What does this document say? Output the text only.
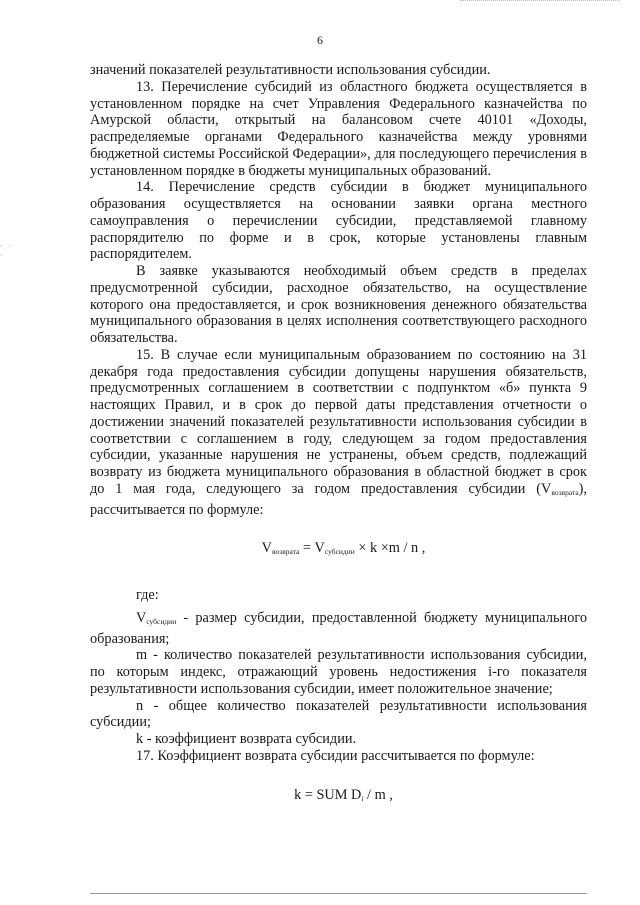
· · ·
6

значений показателей результативности использования субсидии.

13. Перечисление субсидий из областного бюджета осуществляется в установленном порядке на счет Управления Федерального казначейства по Амурской области, открытый на балансовом счете 40101 «Доходы, распределяемые органами Федерального казначейства между уровнями бюджетной системы Российской Федерации», для последующего перечисления в установленном порядке в бюджеты муниципальных образований.

14. Перечисление средств субсидии в бюджет муниципального образования осуществляется на основании заявки органа местного самоуправления о перечислении субсидии, представляемой главному распорядителю по форме и в срок, которые установлены главным распорядителем.

В заявке указываются необходимый объем средств в пределах предусмотренной субсидии, расходное обязательство, на осуществление которого она предоставляется, и срок возникновения денежного обязательства муниципального образования в целях исполнения соответствующего расходного обязательства.

15. В случае если муниципальным образованием по состоянию на 31 декабря года предоставления субсидии допущены нарушения обязательств, предусмотренных соглашением в соответствии с подпунктом «б» пункта 9 настоящих Правил, и в срок до первой даты представления отчетности о достижении значений показателей результативности использования субсидии в соответствии с соглашением в году, следующем за годом предоставления субсидии, указанные нарушения не устранены, объем средств, подлежащий возврату из бюджета муниципального образования в областной бюджет в срок до 1 мая года, следующего за годом предоставления субсидии (Vвозврата), рассчитывается по формуле:

$V_{возврата} = V_{субсидии} \times k \times m / n$ ,

где:

Vсубсидии - размер субсидии, предоставленной бюджету муниципального образования;

m - количество показателей результативности использования субсидии, по которым индекс, отражающий уровень недостижения i-го показателя результативности использования субсидии, имеет положительное значение;

n - общее количество показателей результативности использования субсидии;

k - коэффициент возврата субсидии.

17. Коэффициент возврата субсидии рассчитывается по формуле:

k = SUM $D_i$ / m ,
